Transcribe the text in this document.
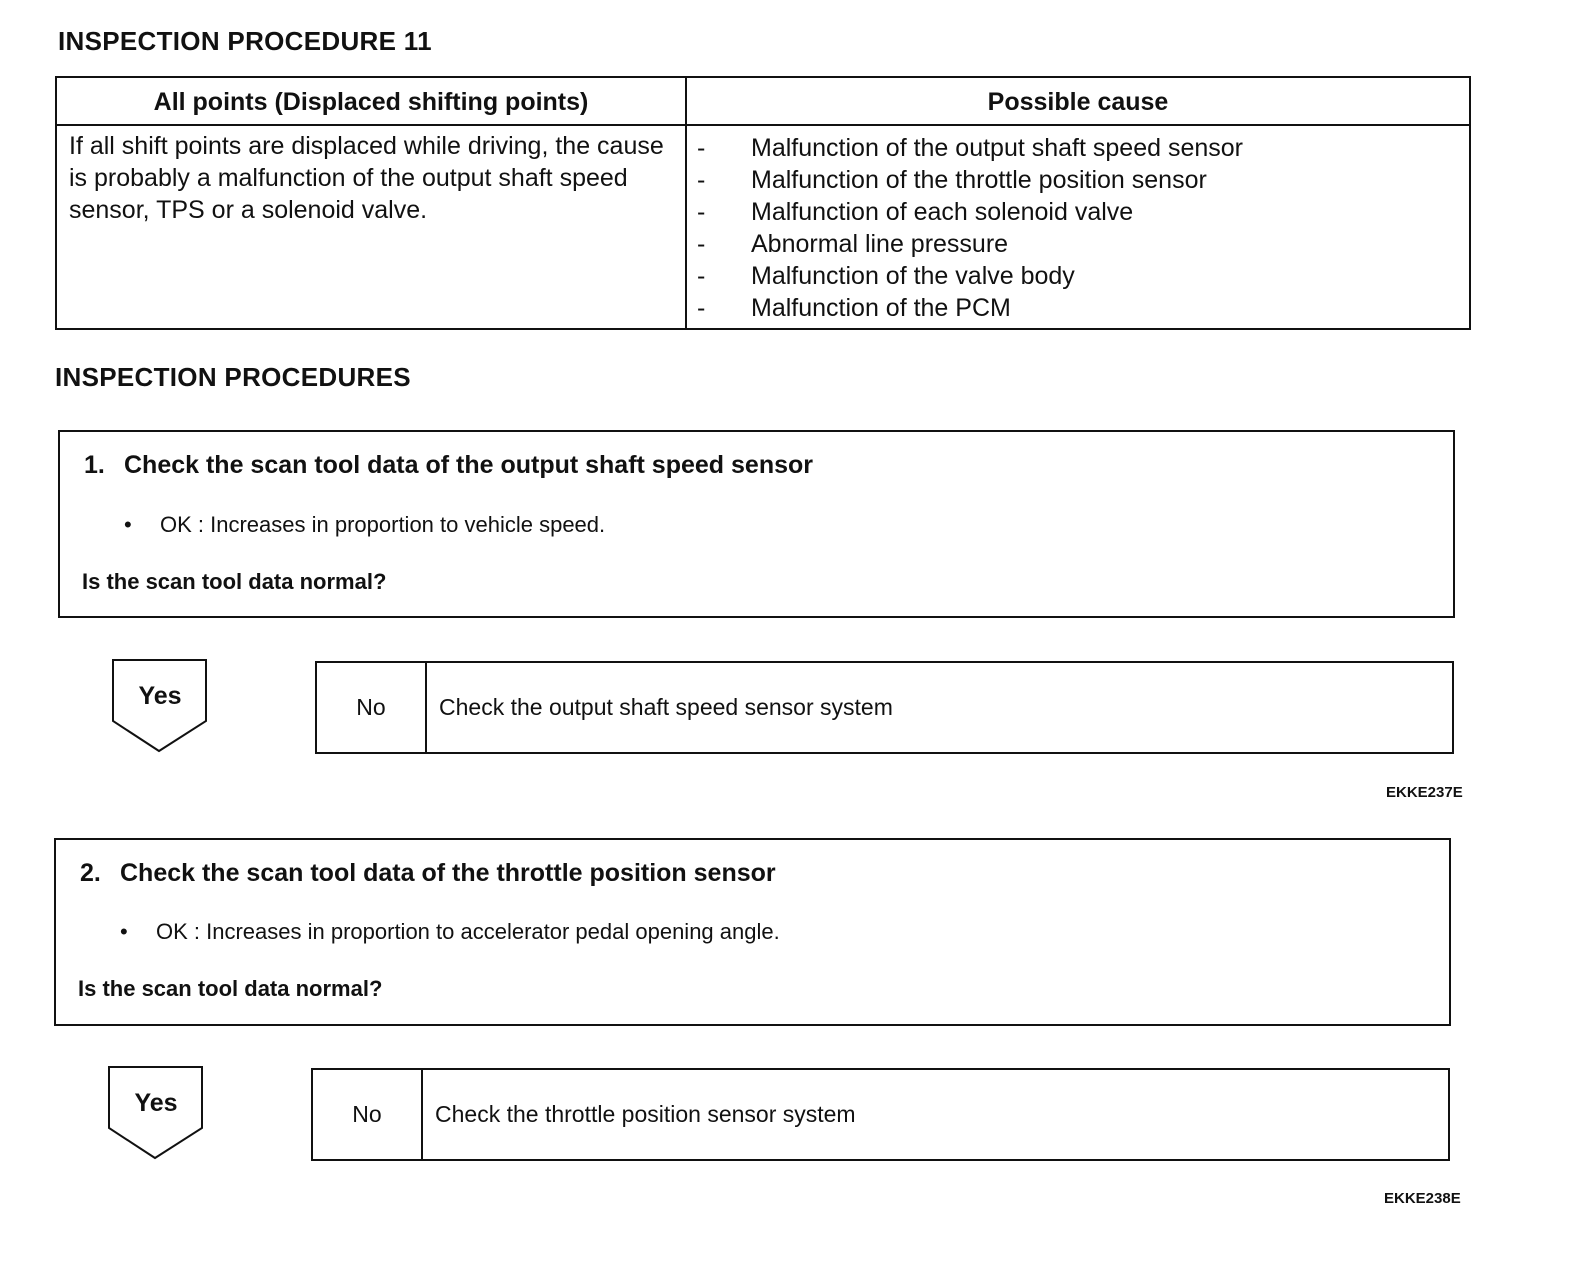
INSPECTION PROCEDURE 11
All points (Displaced shifting points)	Possible cause
If all shift points are displaced while driving, the cause is probably a malfunction of the output shaft speed sensor, TPS or a solenoid valve.
-	Malfunction of the output shaft speed sensor
-	Malfunction of the throttle position sensor
-	Malfunction of each solenoid valve
-	Abnormal line pressure
-	Malfunction of the valve body
-	Malfunction of the PCM
INSPECTION PROCEDURES
1. Check the scan tool data of the output shaft speed sensor
• OK : Increases in proportion to vehicle speed.
Is the scan tool data normal?
Yes	No	Check the output shaft speed sensor system
EKKE237E
2. Check the scan tool data of the throttle position sensor
• OK : Increases in proportion to accelerator pedal opening angle.
Is the scan tool data normal?
Yes	No	Check the throttle position sensor system
EKKE238E
